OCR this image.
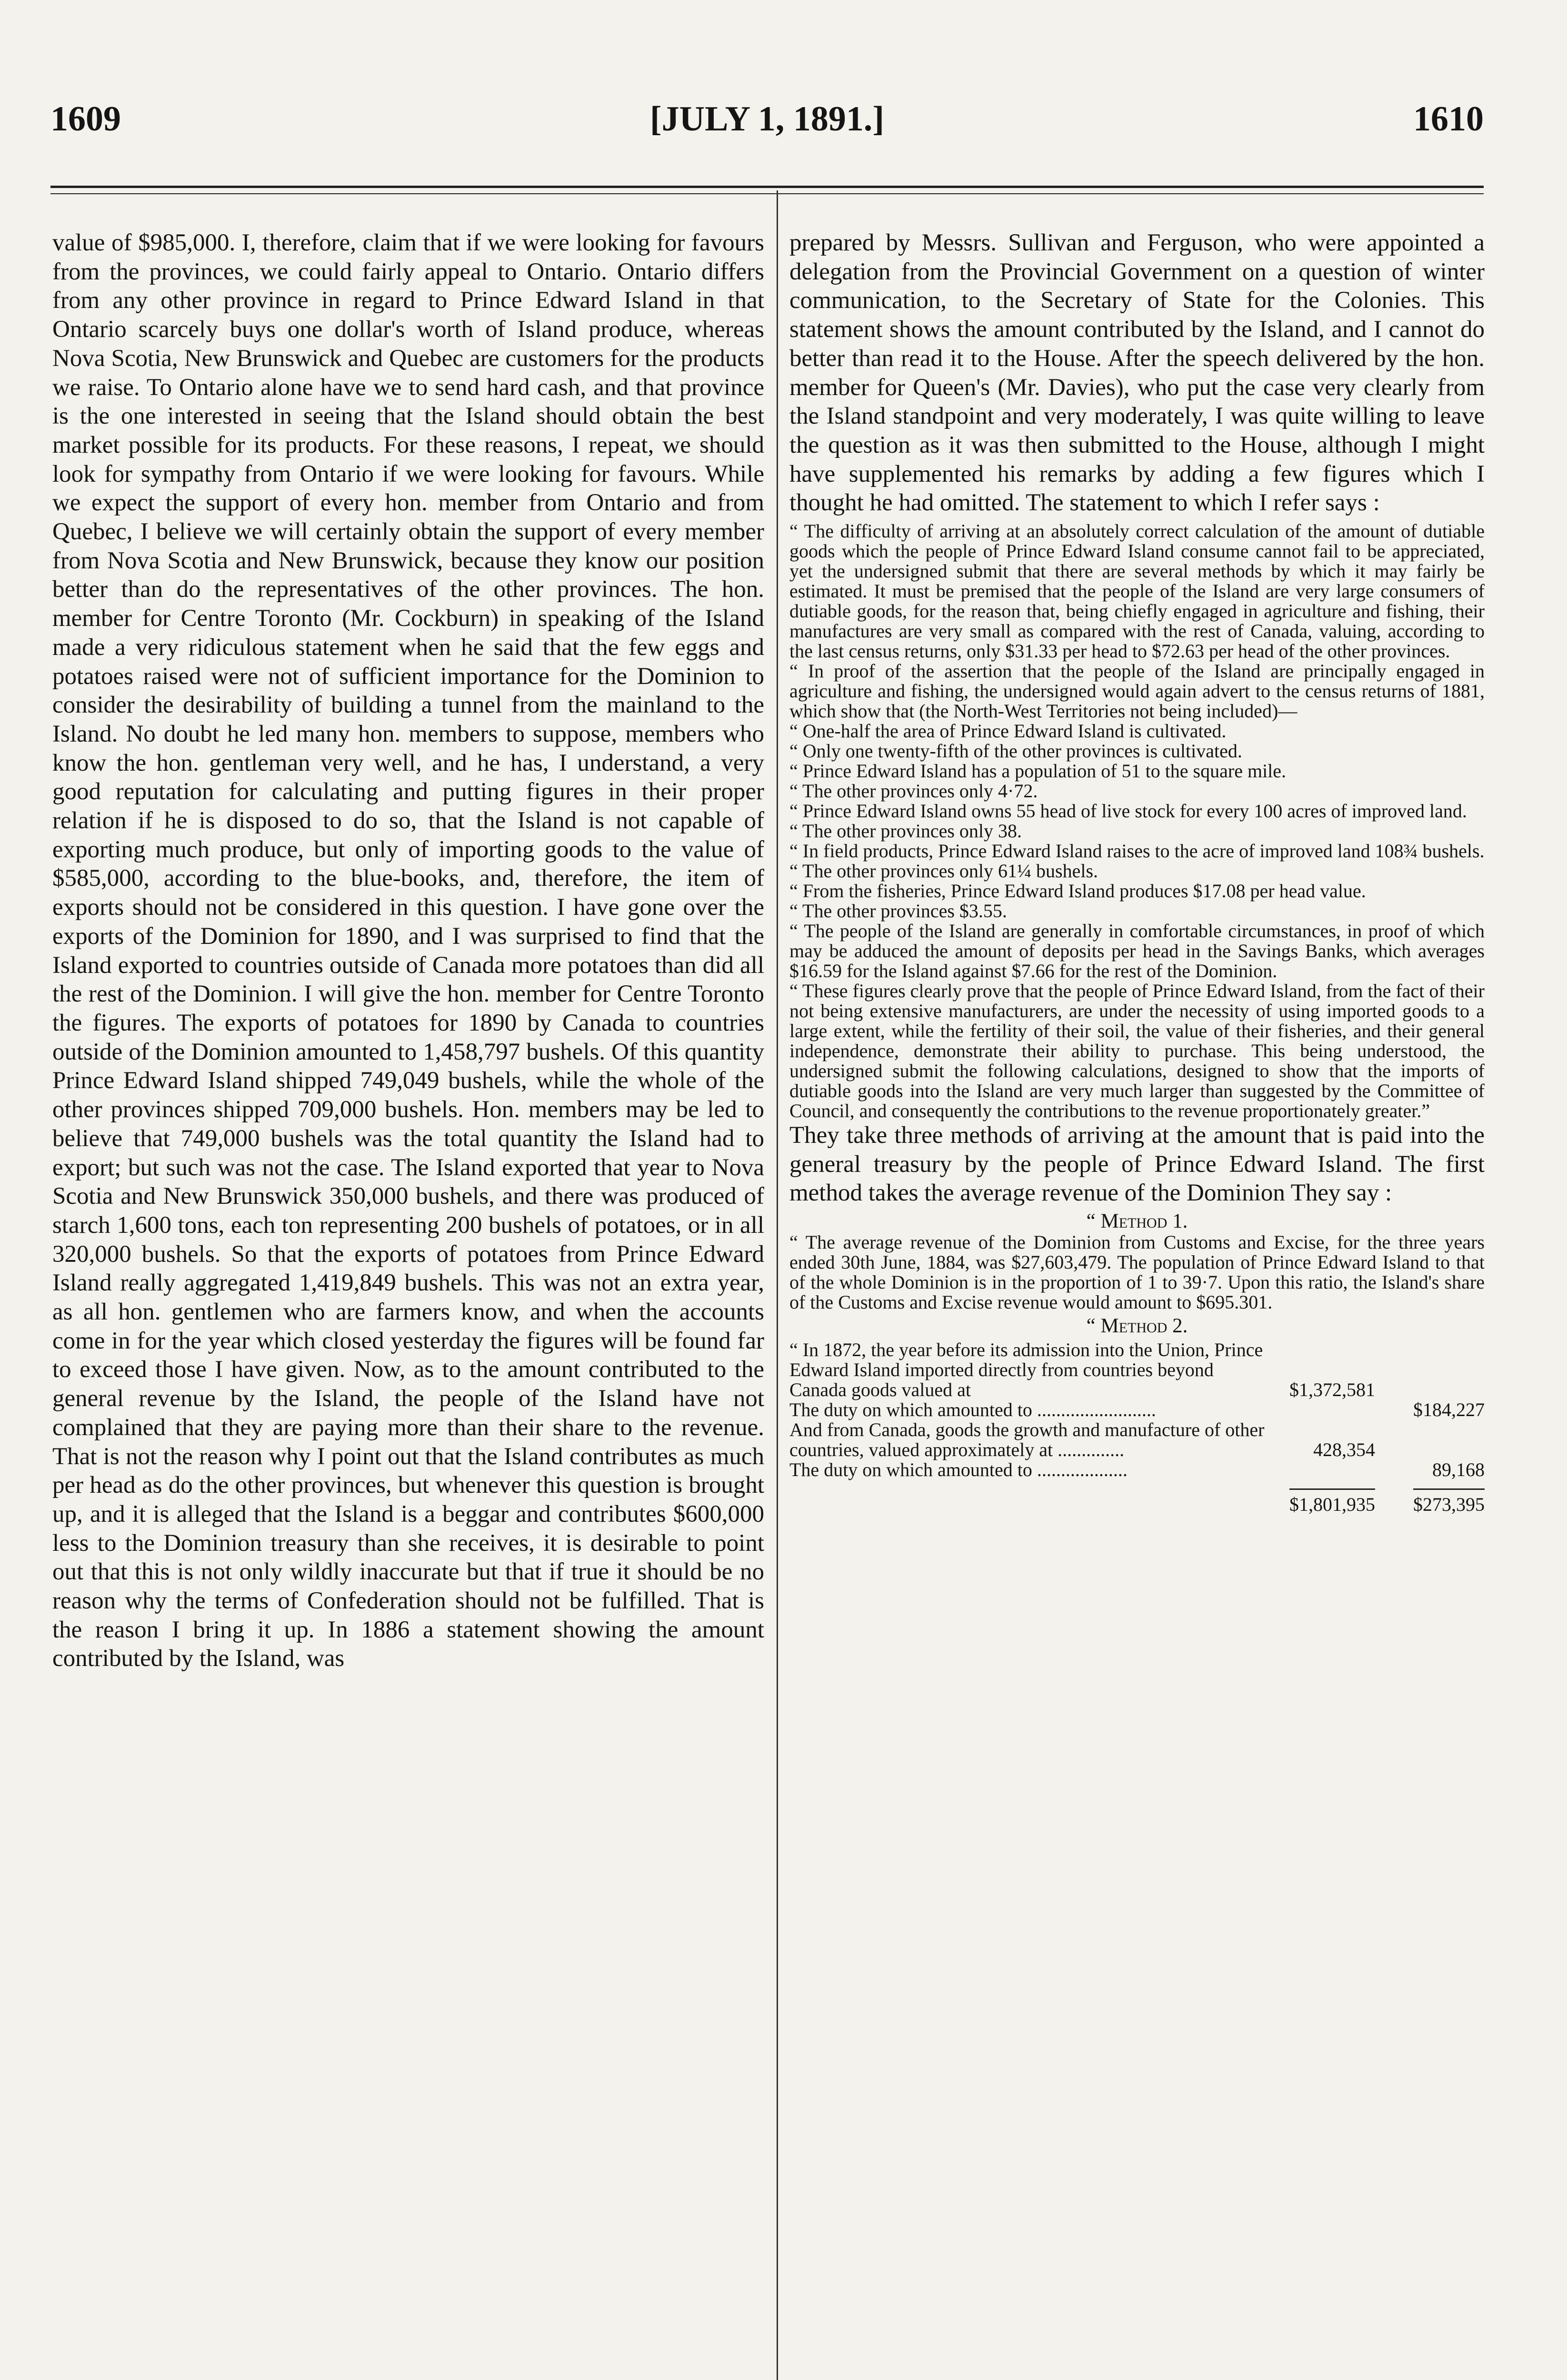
1609	[JULY 1, 1891.]	1610

value of $985,000. I, therefore, claim that if we were looking for favours from the provinces, we could fairly appeal to Ontario. Ontario differs from any other province in regard to Prince Edward Island in that Ontario scarcely buys one dollar's worth of Island produce, whereas Nova Scotia, New Brunswick and Quebec are customers for the products we raise. To Ontario alone have we to send hard cash, and that province is the one interested in seeing that the Island should obtain the best market possible for its products. For these reasons, I repeat, we should look for sympathy from Ontario if we were looking for favours. While we expect the support of every hon. member from Ontario and from Quebec, I believe we will certainly obtain the support of every member from Nova Scotia and New Brunswick, because they know our position better than do the representatives of the other provinces. The hon. member for Centre Toronto (Mr. Cockburn) in speaking of the Island made a very ridiculous statement when he said that the few eggs and potatoes raised were not of sufficient importance for the Dominion to consider the desirability of building a tunnel from the mainland to the Island. No doubt he led many hon. members to suppose, members who know the hon. gentleman very well, and he has, I understand, a very good reputation for calculating and putting figures in their proper relation if he is disposed to do so, that the Island is not capable of exporting much produce, but only of importing goods to the value of $585,000, according to the blue-books, and, therefore, the item of exports should not be considered in this question. I have gone over the exports of the Dominion for 1890, and I was surprised to find that the Island exported to countries outside of Canada more potatoes than did all the rest of the Dominion. I will give the hon. member for Centre Toronto the figures. The exports of potatoes for 1890 by Canada to countries outside of the Dominion amounted to 1,458,797 bushels. Of this quantity Prince Edward Island shipped 749,049 bushels, while the whole of the other provinces shipped 709,000 bushels. Hon. members may be led to believe that 749,000 bushels was the total quantity the Island had to export; but such was not the case. The Island exported that year to Nova Scotia and New Brunswick 350,000 bushels, and there was produced of starch 1,600 tons, each ton representing 200 bushels of potatoes, or in all 320,000 bushels. So that the exports of potatoes from Prince Edward Island really aggregated 1,419,849 bushels. This was not an extra year, as all hon. gentlemen who are farmers know, and when the accounts come in for the year which closed yesterday the figures will be found far to exceed those I have given. Now, as to the amount contributed to the general revenue by the Island, the people of the Island have not complained that they are paying more than their share to the revenue. That is not the reason why I point out that the Island contributes as much per head as do the other provinces, but whenever this question is brought up, and it is alleged that the Island is a beggar and contributes $600,000 less to the Dominion treasury than she receives, it is desirable to point out that this is not only wildly inaccurate but that if true it should be no reason why the terms of Confederation should not be fulfilled. That is the reason I bring it up. In 1886 a statement showing the amount contributed by the Island, was

prepared by Messrs. Sullivan and Ferguson, who were appointed a delegation from the Provincial Government on a question of winter communication, to the Secretary of State for the Colonies. This statement shows the amount contributed by the Island, and I cannot do better than read it to the House. After the speech delivered by the hon. member for Queen's (Mr. Davies), who put the case very clearly from the Island standpoint and very moderately, I was quite willing to leave the question as it was then submitted to the House, although I might have supplemented his remarks by adding a few figures which I thought he had omitted. The statement to which I refer says :

“ The difficulty of arriving at an absolutely correct calculation of the amount of dutiable goods which the people of Prince Edward Island consume cannot fail to be appreciated, yet the undersigned submit that there are several methods by which it may fairly be estimated. It must be premised that the people of the Island are very large consumers of dutiable goods, for the reason that, being chiefly engaged in agriculture and fishing, their manufactures are very small as compared with the rest of Canada, valuing, according to the last census returns, only $31.33 per head to $72.63 per head of the other provinces.

“ In proof of the assertion that the people of the Island are principally engaged in agriculture and fishing, the undersigned would again advert to the census returns of 1881, which show that (the North-West Territories not being included)—

“ One-half the area of Prince Edward Island is cultivated.

“ Only one twenty-fifth of the other provinces is cultivated.

“ Prince Edward Island has a population of 51 to the square mile.

“ The other provinces only 4·72.

“ Prince Edward Island owns 55 head of live stock for every 100 acres of improved land.

“ The other provinces only 38.

“ In field products, Prince Edward Island raises to the acre of improved land 108¾ bushels.

“ The other provinces only 61¼ bushels.

“ From the fisheries, Prince Edward Island produces $17.08 per head value.

“ The other provinces $3.55.

“ The people of the Island are generally in comfortable circumstances, in proof of which may be adduced the amount of deposits per head in the Savings Banks, which averages $16.59 for the Island against $7.66 for the rest of the Dominion.

“ These figures clearly prove that the people of Prince Edward Island, from the fact of their not being extensive manufacturers, are under the necessity of using imported goods to a large extent, while the fertility of their soil, the value of their fisheries, and their general independence, demonstrate their ability to purchase. This being understood, the undersigned submit the following calculations, designed to show that the imports of dutiable goods into the Island are very much larger than suggested by the Committee of Council, and consequently the contributions to the revenue proportionately greater.”

They take three methods of arriving at the amount that is paid into the general treasury by the people of Prince Edward Island. The first method takes the average revenue of the Dominion They say :

“ Method 1.

“ The average revenue of the Dominion from Customs and Excise, for the three years ended 30th June, 1884, was $27,603,479. The population of Prince Edward Island to that of the whole Dominion is in the proportion of 1 to 39·7. Upon this ratio, the Island's share of the Customs and Excise revenue would amount to $695.301.

“ Method 2.

“ In 1872, the year before its admission into the Union, Prince Edward Island imported directly from countries beyond Canada goods valued at	$1,372,581	
The duty on which amounted to .........................		$184,227
And from Canada, goods the growth and manufacture of other countries, valued approximately at ..............	428,354	
The duty on which amounted to ...................		89,168
	$1,801,935	$273,395
